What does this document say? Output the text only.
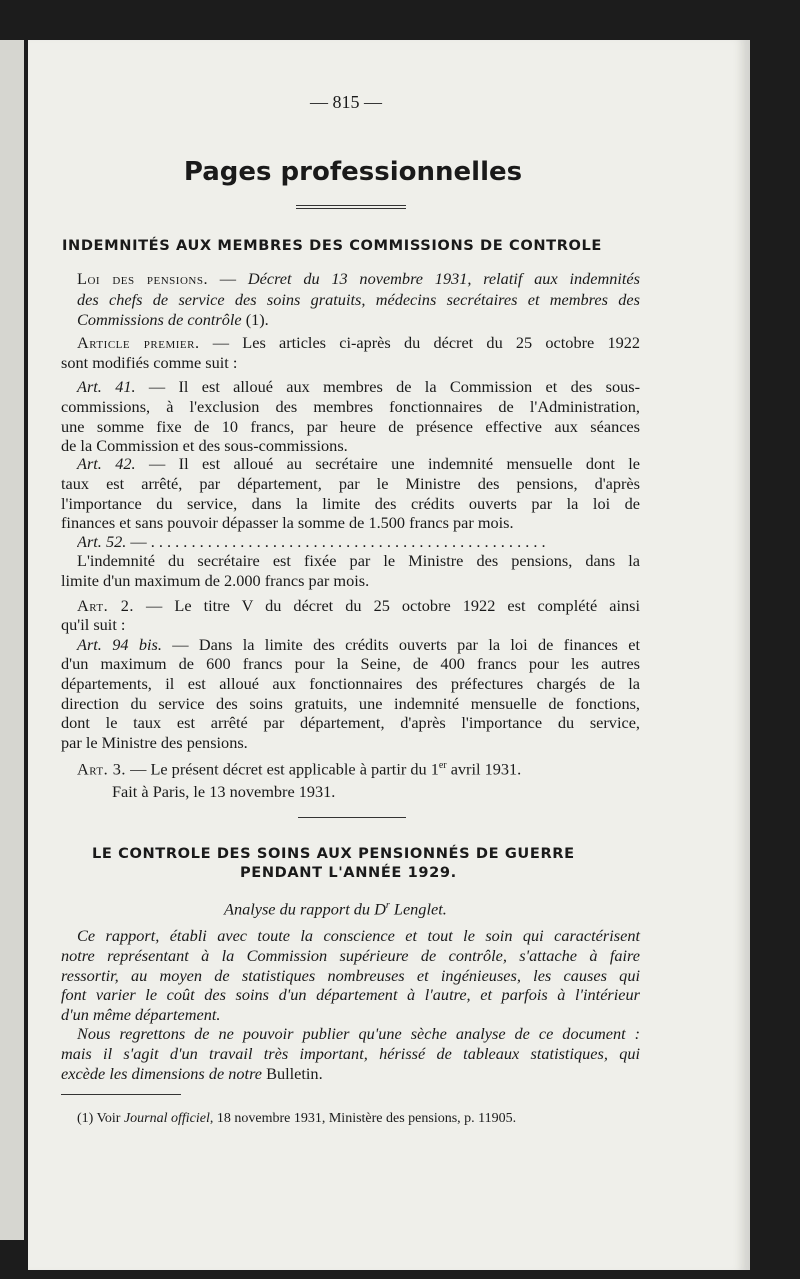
— 815 —
Pages professionnelles
INDEMNITÉS AUX MEMBRES DES COMMISSIONS DE CONTROLE
Loi des pensions. — Décret du 13 novembre 1931, relatif aux indemnités
des chefs de service des soins gratuits, médecins secrétaires et membres des
Commissions de contrôle (1).
Article premier. — Les articles ci-après du décret du 25 octobre 1922
sont modifiés comme suit :
Art. 41. — Il est alloué aux membres de la Commission et des sous-
commissions, à l'exclusion des membres fonctionnaires de l'Administration,
une somme fixe de 10 francs, par heure de présence effective aux séances
de la Commission et des sous-commissions.
Art. 42. — Il est alloué au secrétaire une indemnité mensuelle dont le
taux est arrêté, par département, par le Ministre des pensions, d'après
l'importance du service, dans la limite des crédits ouverts par la loi de
finances et sans pouvoir dépasser la somme de 1.500 francs par mois.
Art. 52. — . . . . . . . . . . . . . . . . . . . . . . . . . . . . . . . . . . . . . . . . . . . . . . . . .
L'indemnité du secrétaire est fixée par le Ministre des pensions, dans la
limite d'un maximum de 2.000 francs par mois.
Art. 2. — Le titre V du décret du 25 octobre 1922 est complété ainsi
qu'il suit :
Art. 94 bis. — Dans la limite des crédits ouverts par la loi de finances et
d'un maximum de 600 francs pour la Seine, de 400 francs pour les autres
départements, il est alloué aux fonctionnaires des préfectures chargés de la
direction du service des soins gratuits, une indemnité mensuelle de fonctions,
dont le taux est arrêté par département, d'après l'importance du service,
par le Ministre des pensions.
Art. 3. — Le présent décret est applicable à partir du 1er avril 1931.
Fait à Paris, le 13 novembre 1931.
LE CONTROLE DES SOINS AUX PENSIONNÉS DE GUERRE
PENDANT L'ANNÉE 1929.
Analyse du rapport du $D^r$ Lenglet.
Ce rapport, établi avec toute la conscience et tout le soin qui caractérisent
notre représentant à la Commission supérieure de contrôle, s'attache à faire
ressortir, au moyen de statistiques nombreuses et ingénieuses, les causes qui
font varier le coût des soins d'un département à l'autre, et parfois à l'intérieur
d'un même département.
Nous regrettons de ne pouvoir publier qu'une sèche analyse de ce document :
mais il s'agit d'un travail très important, hérissé de tableaux statistiques, qui
excède les dimensions de notre Bulletin.
(1) Voir Journal officiel, 18 novembre 1931, Ministère des pensions, p. 11905.
